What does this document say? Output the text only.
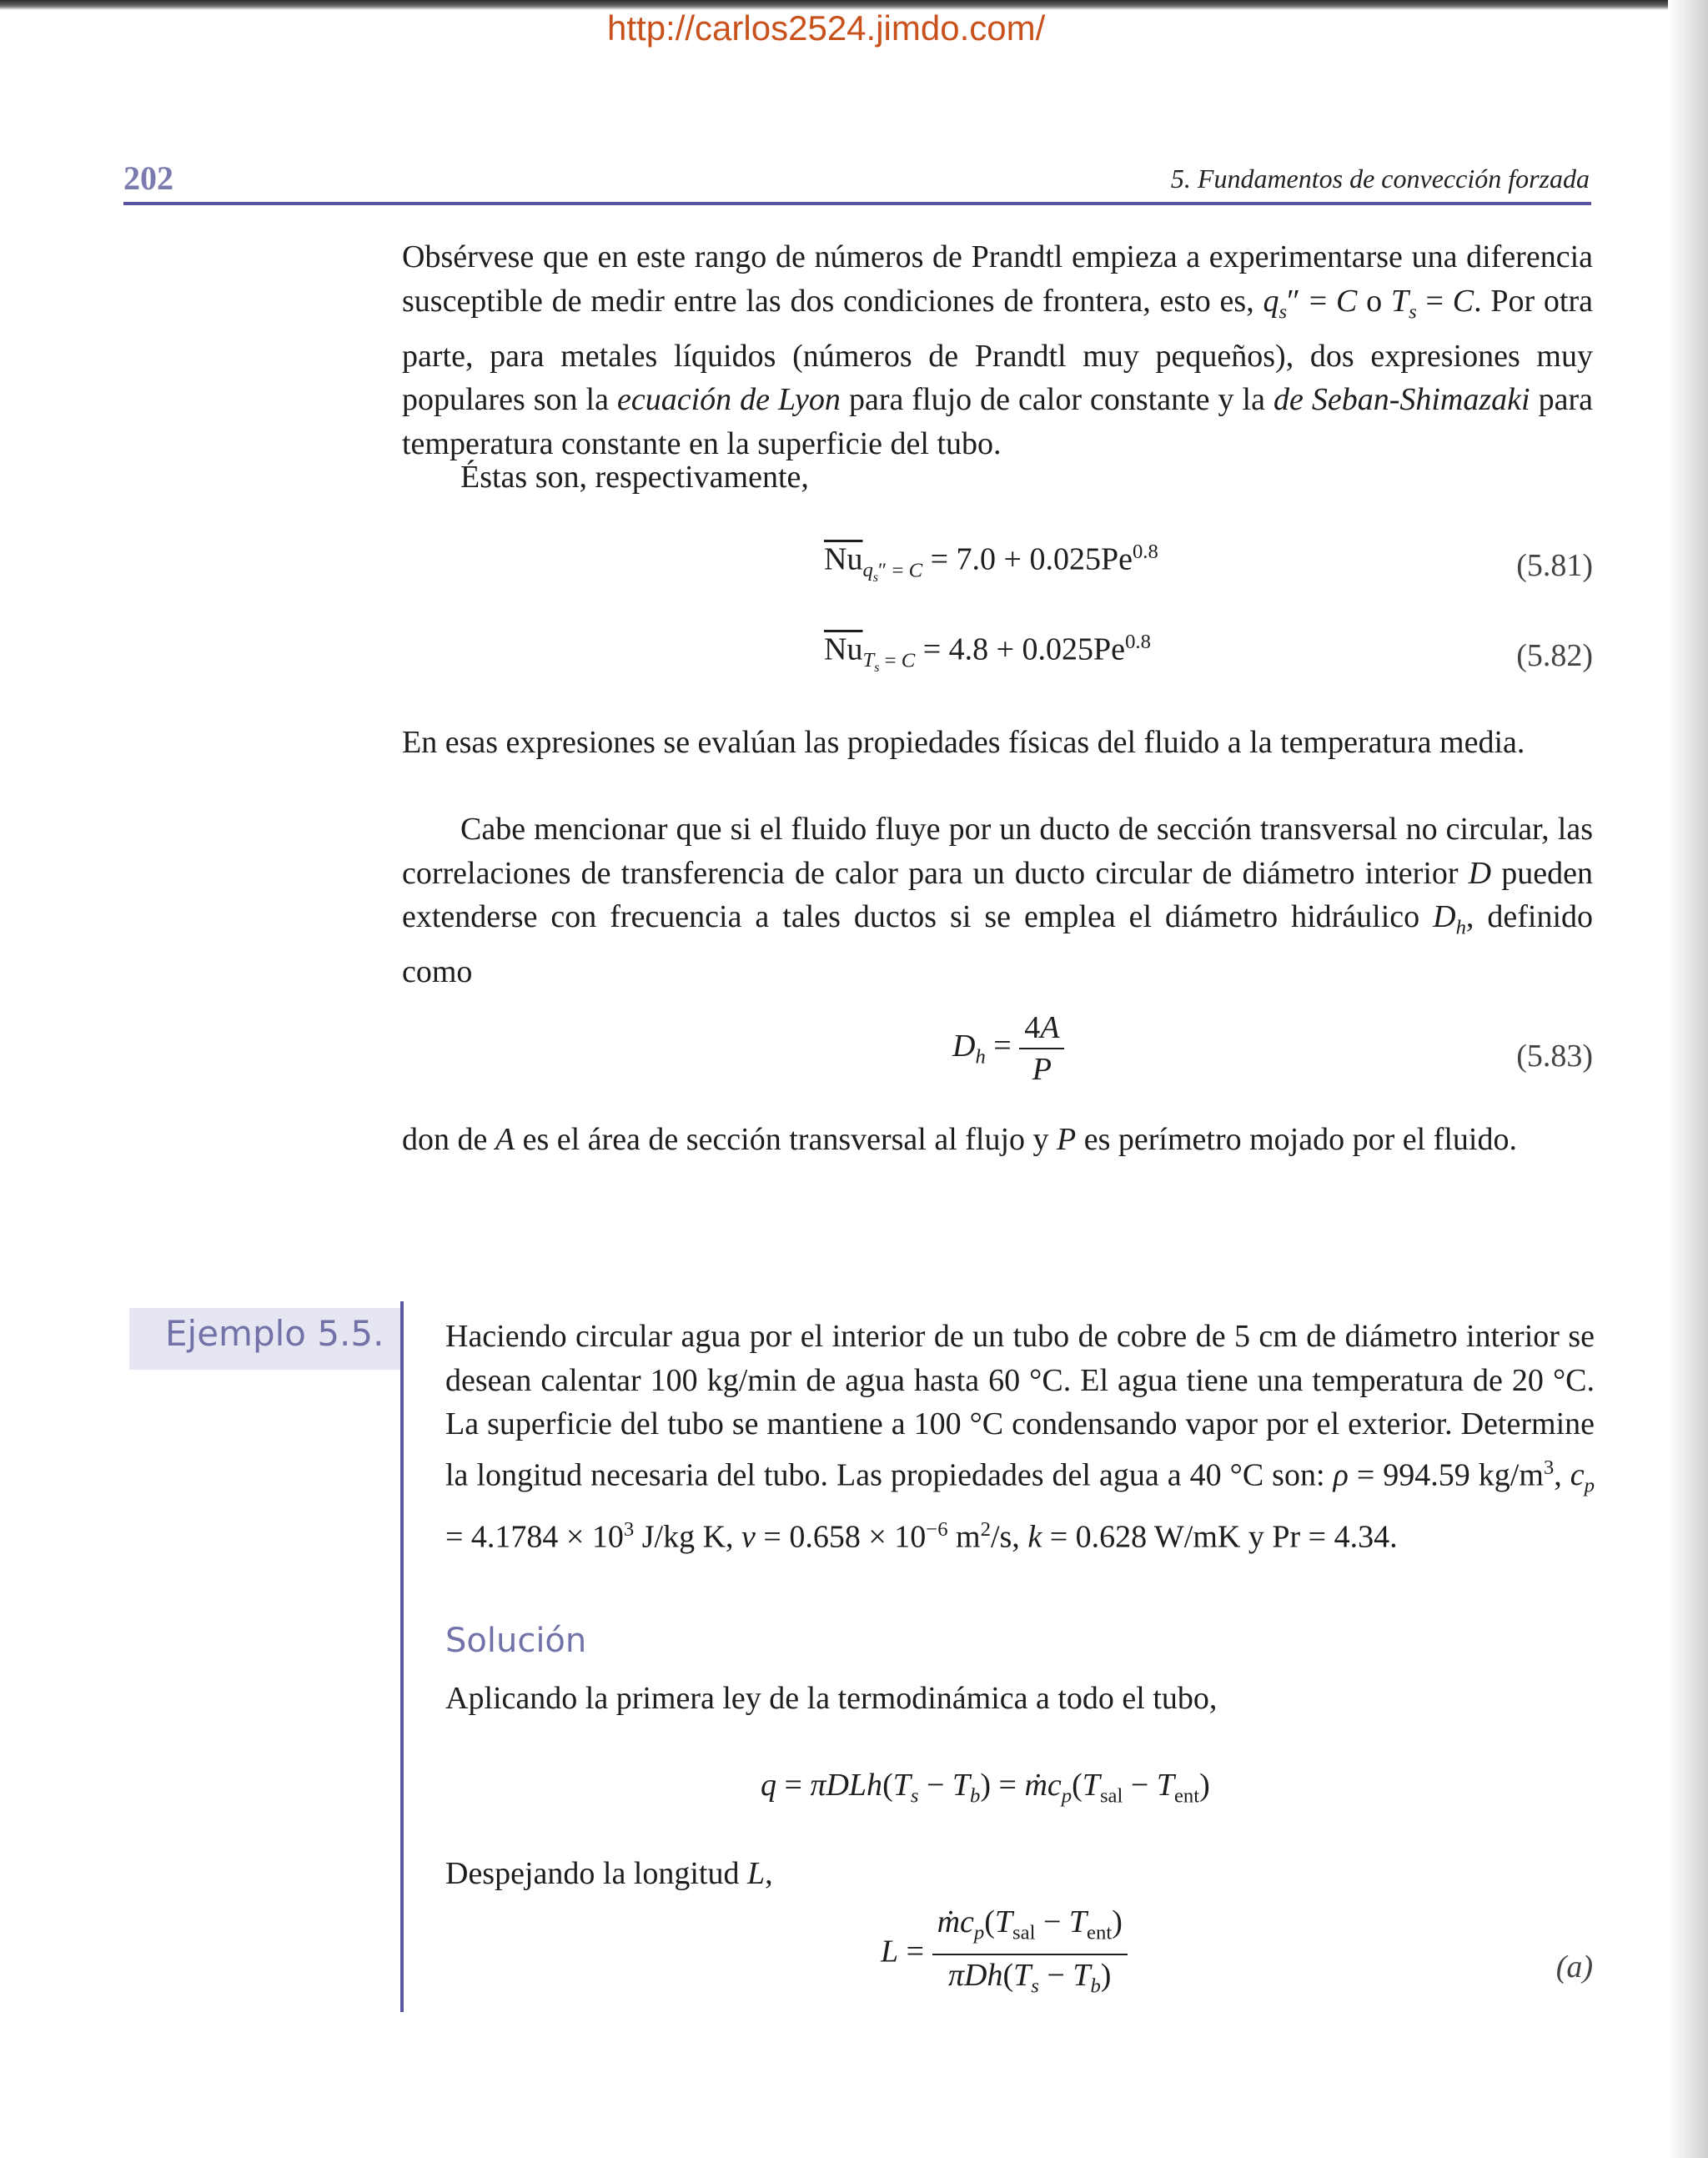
http://carlos2524.jimdo.com/
202	5. Fundamentos de convección forzada

Obsérvese que en este rango de números de Prandtl empieza a experimentarse una diferencia susceptible de medir entre las dos condiciones de frontera, esto es, $q_s'' = C$ o $T_s = C$. Por otra parte, para metales líquidos (números de Prandtl muy pequeños), dos expresiones muy populares son la ecuación de Lyon para flujo de calor constante y la de Seban-Shimazaki para temperatura constante en la superficie del tubo.

Éstas son, respectivamente,

$\overline{Nu}_{q_s'' = C} = 7.0 + 0.025Pe^{0.8}$	(5.81)
$\overline{Nu}_{T_s = C} = 4.8 + 0.025Pe^{0.8}$	(5.82)

En esas expresiones se evalúan las propiedades físicas del fluido a la temperatura media.

Cabe mencionar que si el fluido fluye por un ducto de sección transversal no circular, las correlaciones de transferencia de calor para un ducto circular de diámetro interior D pueden extenderse con frecuencia a tales ductos si se emplea el diámetro hidráulico $D_h$, definido como

$D_h = \frac{4A}{P}$	(5.83)

don de A es el área de sección transversal al flujo y P es perímetro mojado por el fluido.

Ejemplo 5.5. Haciendo circular agua por el interior de un tubo de cobre de 5 cm de diámetro interior se desean calentar 100 kg/min de agua hasta 60 °C. El agua tiene una temperatura de 20 °C. La superficie del tubo se mantiene a 100 °C condensando vapor por el exterior. Determine la longitud necesaria del tubo. Las propiedades del agua a 40 °C son: ρ = 994.59 $kg/m^3$, $c_p = 4.1784 \times 10^3$ J/kg K, $\nu = 0.658 \times 10^{-6}$ $m^2/s$, k = 0.628 W/mK y Pr = 4.34.

Solución

Aplicando la primera ley de la termodinámica a todo el tubo,

$q = \pi DLh(T_s - T_b)$ = $ṁc_p(T_{sal} - T_{ent})$

Despejando la longitud L,

$L = \frac{ṁc_p(T_{sal} - T_{ent})}{\pi Dh(T_s - T_b)}$	(a)
